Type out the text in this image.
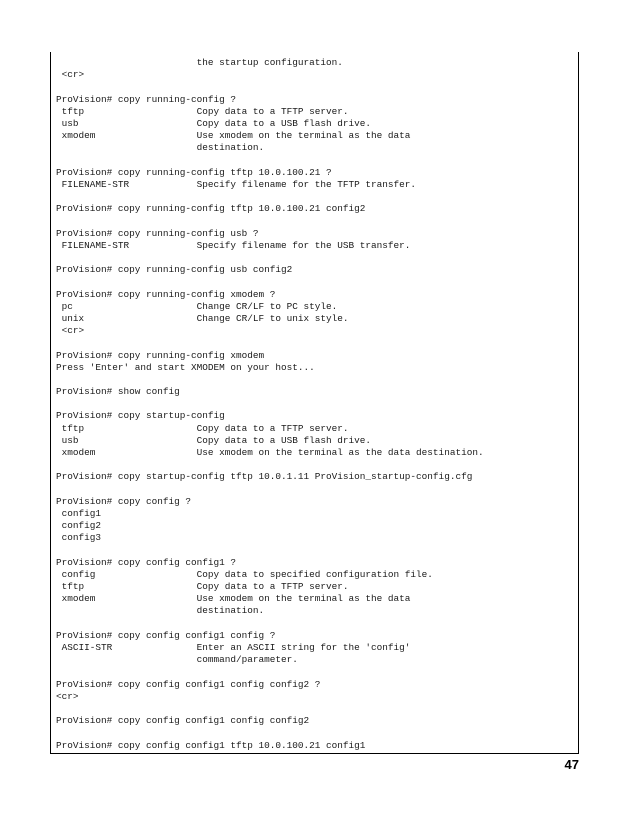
the startup configuration.
<cr>
ProVision# copy running-config ?
tftp                    Copy data to a TFTP server.
usb                     Copy data to a USB flash drive.
xmodem                  Use xmodem on the terminal as the data
destination.
ProVision# copy running-config tftp 10.0.100.21 ?
FILENAME-STR            Specify filename for the TFTP transfer.
ProVision# copy running-config tftp 10.0.100.21 config2
ProVision# copy running-config usb ?
FILENAME-STR            Specify filename for the USB transfer.
ProVision# copy running-config usb config2
ProVision# copy running-config xmodem ?
pc                      Change CR/LF to PC style.
unix                    Change CR/LF to unix style.
<cr>
ProVision# copy running-config xmodem
Press 'Enter' and start XMODEM on your host...
ProVision# show config
ProVision# copy startup-config
tftp                    Copy data to a TFTP server.
usb                     Copy data to a USB flash drive.
xmodem                  Use xmodem on the terminal as the data destination.
ProVision# copy startup-config tftp 10.0.1.11 ProVision_startup-config.cfg
ProVision# copy config ?
config1
config2
config3
ProVision# copy config config1 ?
config                  Copy data to specified configuration file.
tftp                    Copy data to a TFTP server.
xmodem                  Use xmodem on the terminal as the data
destination.
ProVision# copy config config1 config ?
ASCII-STR               Enter an ASCII string for the 'config'
command/parameter.
ProVision# copy config config1 config config2 ?
<cr>
ProVision# copy config config1 config config2
ProVision# copy config config1 tftp 10.0.100.21 config1
47
